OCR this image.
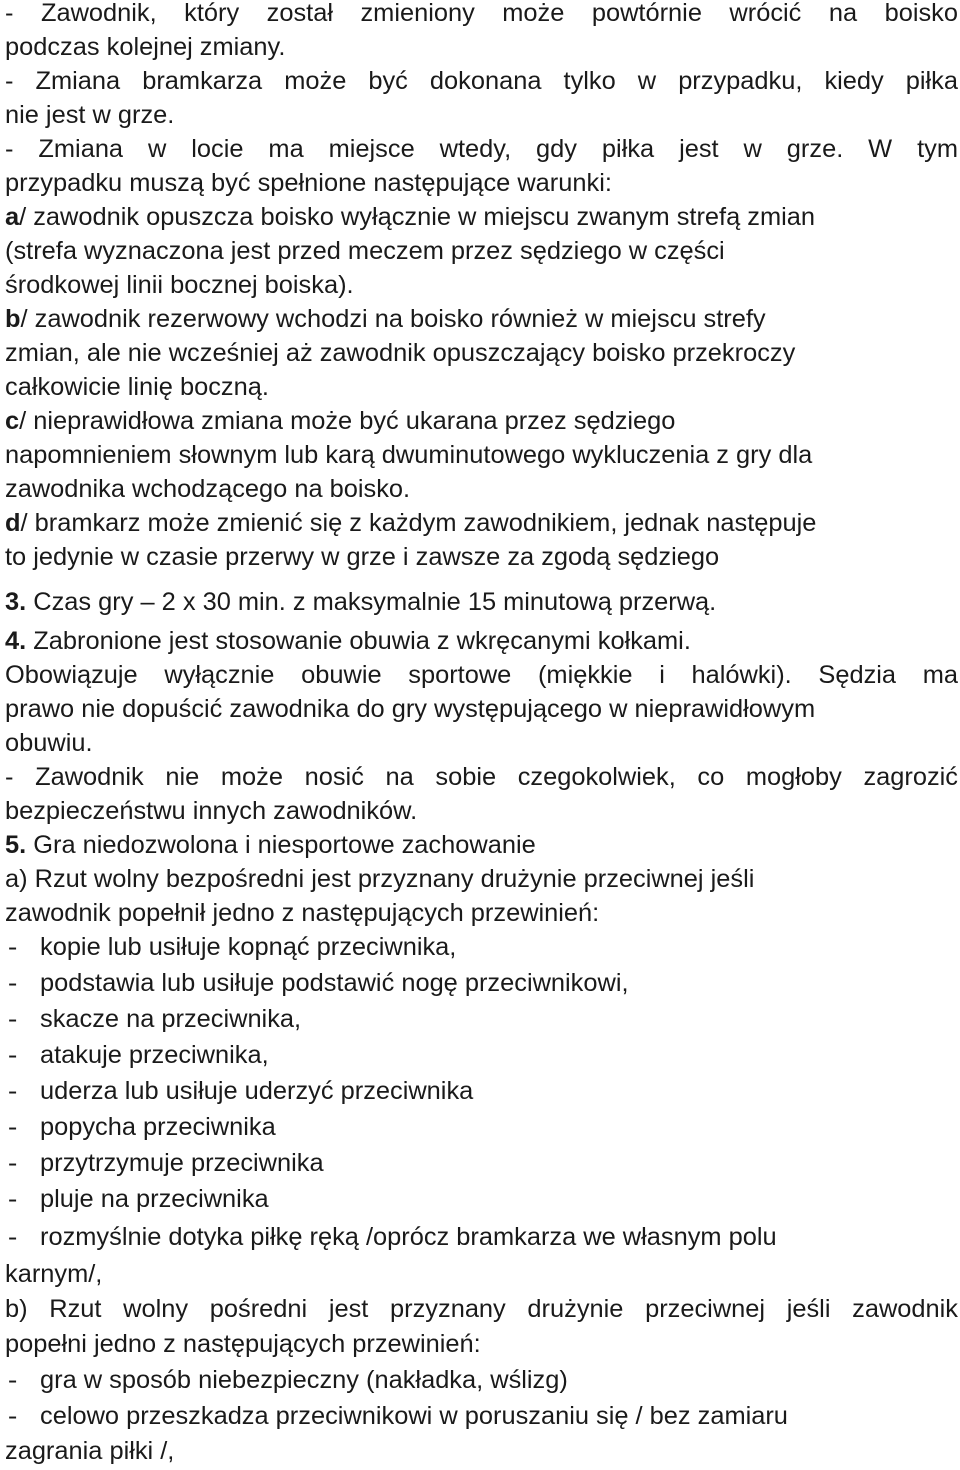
- Zawodnik, który został zmieniony może powtórnie wrócić na boisko
podczas kolejnej zmiany.
- Zmiana bramkarza może być dokonana tylko w przypadku, kiedy piłka
nie jest w grze.
- Zmiana w locie ma miejsce wtedy, gdy piłka jest w grze. W tym
przypadku muszą być spełnione następujące warunki:
a/ zawodnik opuszcza boisko wyłącznie w miejscu zwanym strefą zmian
(strefa wyznaczona jest przed meczem przez sędziego w części
środkowej linii bocznej boiska).
b/ zawodnik rezerwowy wchodzi na boisko również w miejscu strefy
zmian, ale nie wcześniej aż zawodnik opuszczający boisko przekroczy
całkowicie linię boczną.
c/ nieprawidłowa zmiana może być ukarana przez sędziego
napomnieniem słownym lub karą dwuminutowego wykluczenia z gry dla
zawodnika wchodzącego na boisko.
d/ bramkarz może zmienić się z każdym zawodnikiem, jednak następuje
to jedynie w czasie przerwy w grze i zawsze za zgodą sędziego
3. Czas gry – 2 x 30 min. z maksymalnie 15 minutową przerwą.
4. Zabronione jest stosowanie obuwia z wkręcanymi kołkami.
Obowiązuje wyłącznie obuwie sportowe (miękkie i halówki). Sędzia ma
prawo nie dopuścić zawodnika do gry występującego w nieprawidłowym
obuwiu.
- Zawodnik nie może nosić na sobie czegokolwiek, co mogłoby zagrozić
bezpieczeństwu innych zawodników.
5. Gra niedozwolona i niesportowe zachowanie
a) Rzut wolny bezpośredni jest przyznany drużynie przeciwnej jeśli
zawodnik popełnił jedno z następujących przewinień:
- kopie lub usiłuje kopnąć przeciwnika,
- podstawia lub usiłuje podstawić nogę przeciwnikowi,
- skacze na przeciwnika,
- atakuje przeciwnika,
- uderza lub usiłuje uderzyć przeciwnika
- popycha przeciwnika
- przytrzymuje przeciwnika
- pluje na przeciwnika
- rozmyślnie dotyka piłkę ręką /oprócz bramkarza we własnym polu
karnym/,
b) Rzut wolny pośredni jest przyznany drużynie przeciwnej jeśli zawodnik
popełni jedno z następujących przewinień:
- gra w sposób niebezpieczny (nakładka, wślizg)
- celowo przeszkadza przeciwnikowi w poruszaniu się / bez zamiaru
zagrania piłki /,
